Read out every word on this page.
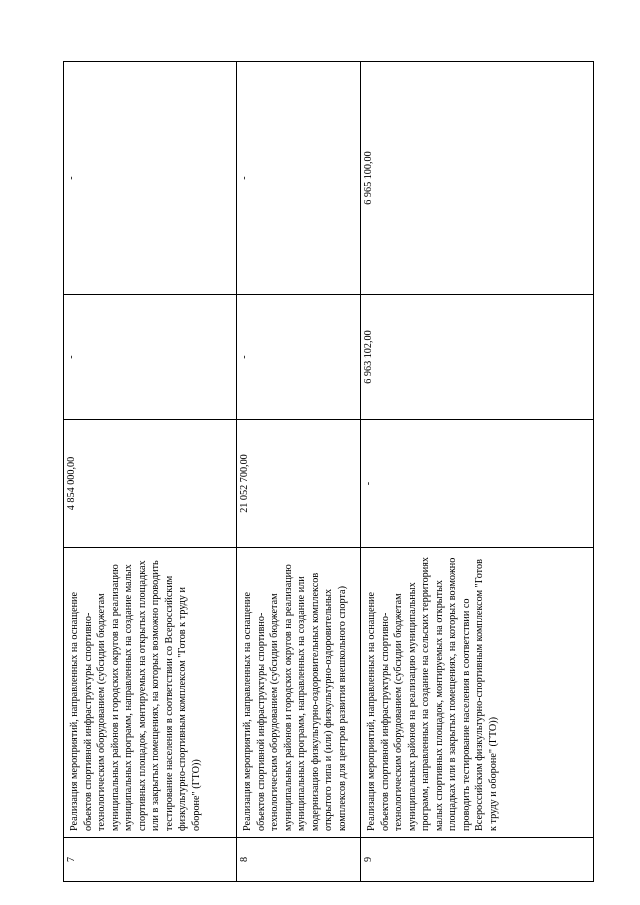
7	Реализация мероприятий, направленных на оснащение объектов спортивной инфраструктуры спортивно-технологическим оборудованием (субсидии бюджетам муниципальных районов и городских округов на реализацию муниципальных программ, направленных на создание малых спортивных площадок, монтируемых на открытых площадках или в закрытых помещениях, на которых возможно проводить тестирование населения в соответствии со Всероссийским физкультурно-спортивным комплексом "Готов к труду и обороне" (ГТО))	4 854 000,00	-	-
8	Реализация мероприятий, направленных на оснащение объектов спортивной инфраструктуры спортивно-технологическим оборудованием (субсидии бюджетам муниципальных районов и городских округов на реализацию муниципальных программ, направленных на создание или модернизацию физкультурно-оздоровительных комплексов открытого типа и (или) физкультурно-оздоровительных комплексов для центров развития внешкольного спорта)	21 052 700,00	-	-
9	Реализация мероприятий, направленных на оснащение объектов спортивной инфраструктуры спортивно-технологическим оборудованием (субсидии бюджетам муниципальных районов на реализацию муниципальных программ, направленных на создание на сельских территориях малых спортивных площадок, монтируемых на открытых площадках или в закрытых помещениях, на которых возможно проводить тестирование населения в соответствии со Всероссийским физкультурно-спортивным комплексом "Готов к труду и обороне" (ГТО))	-	6 963 102,00	6 965 100,00
